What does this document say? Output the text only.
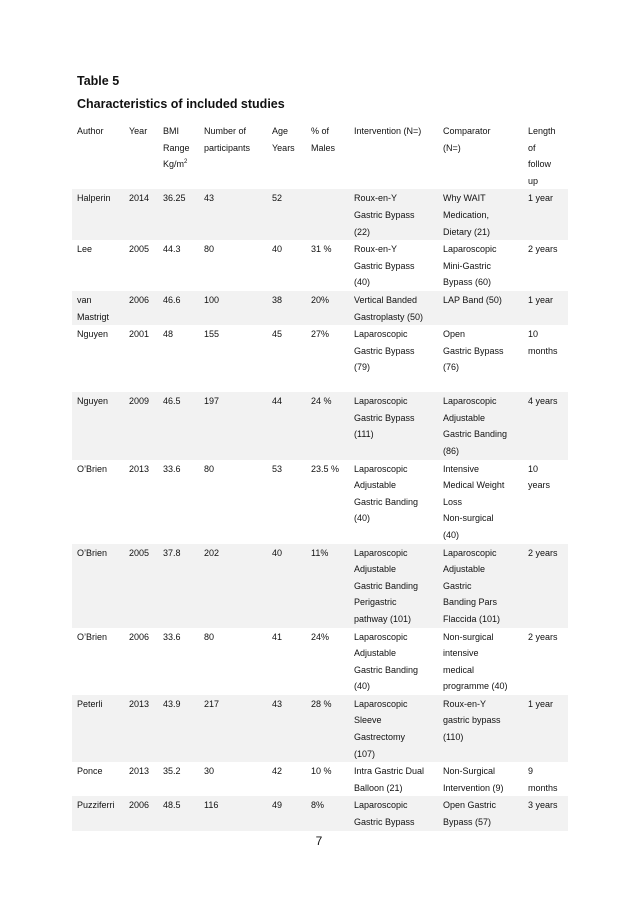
Table 5
Characteristics of included studies
Author	Year	BMI
Range
$Kg/m^2$	Number of
participants	Age
Years	% of
Males	Intervention (N=)	Comparator
(N=)	Length
of
follow
up

Halperin	2014	36.25	43	52		Roux-en-Y
Gastric Bypass
(22)	Why WAIT
Medication,
Dietary (21)	1 year

Lee	2005	44.3	80	40	31 %	Roux-en-Y
Gastric Bypass
(40)	Laparoscopic
Mini-Gastric
Bypass (60)	2 years

van
Mastrigt	2006	46.6	100	38	20%	Vertical Banded
Gastroplasty (50)	LAP Band (50)	1 year

Nguyen	2001	48	155	45	27%	Laparoscopic
Gastric Bypass
(79)	Open
Gastric Bypass
(76)	10
months

Nguyen	2009	46.5	197	44	24 %	Laparoscopic
Gastric Bypass
(111)	Laparoscopic
Adjustable
Gastric Banding
(86)	4 years

O’Brien	2013	33.6	80	53	23.5 %	Laparoscopic
Adjustable
Gastric Banding
(40)	Intensive
Medical Weight
Loss
Non-surgical
(40)	10
years

O’Brien	2005	37.8	202	40	11%	Laparoscopic
Adjustable
Gastric Banding
Perigastric
pathway (101)	Laparoscopic
Adjustable
Gastric
Banding Pars
Flaccida (101)	2 years

O’Brien	2006	33.6	80	41	24%	Laparoscopic
Adjustable
Gastric Banding
(40)	Non-surgical
intensive
medical
programme (40)	2 years

Peterli	2013	43.9	217	43	28 %	Laparoscopic
Sleeve
Gastrectomy
(107)	Roux-en-Y
gastric bypass
(110)	1 year

Ponce	2013	35.2	30	42	10 %	Intra Gastric Dual
Balloon (21)	Non-Surgical
Intervention (9)	9
months

Puzziferri	2006	48.5	116	49	8%	Laparoscopic
Gastric Bypass	Open Gastric
Bypass (57)	3 years
7
